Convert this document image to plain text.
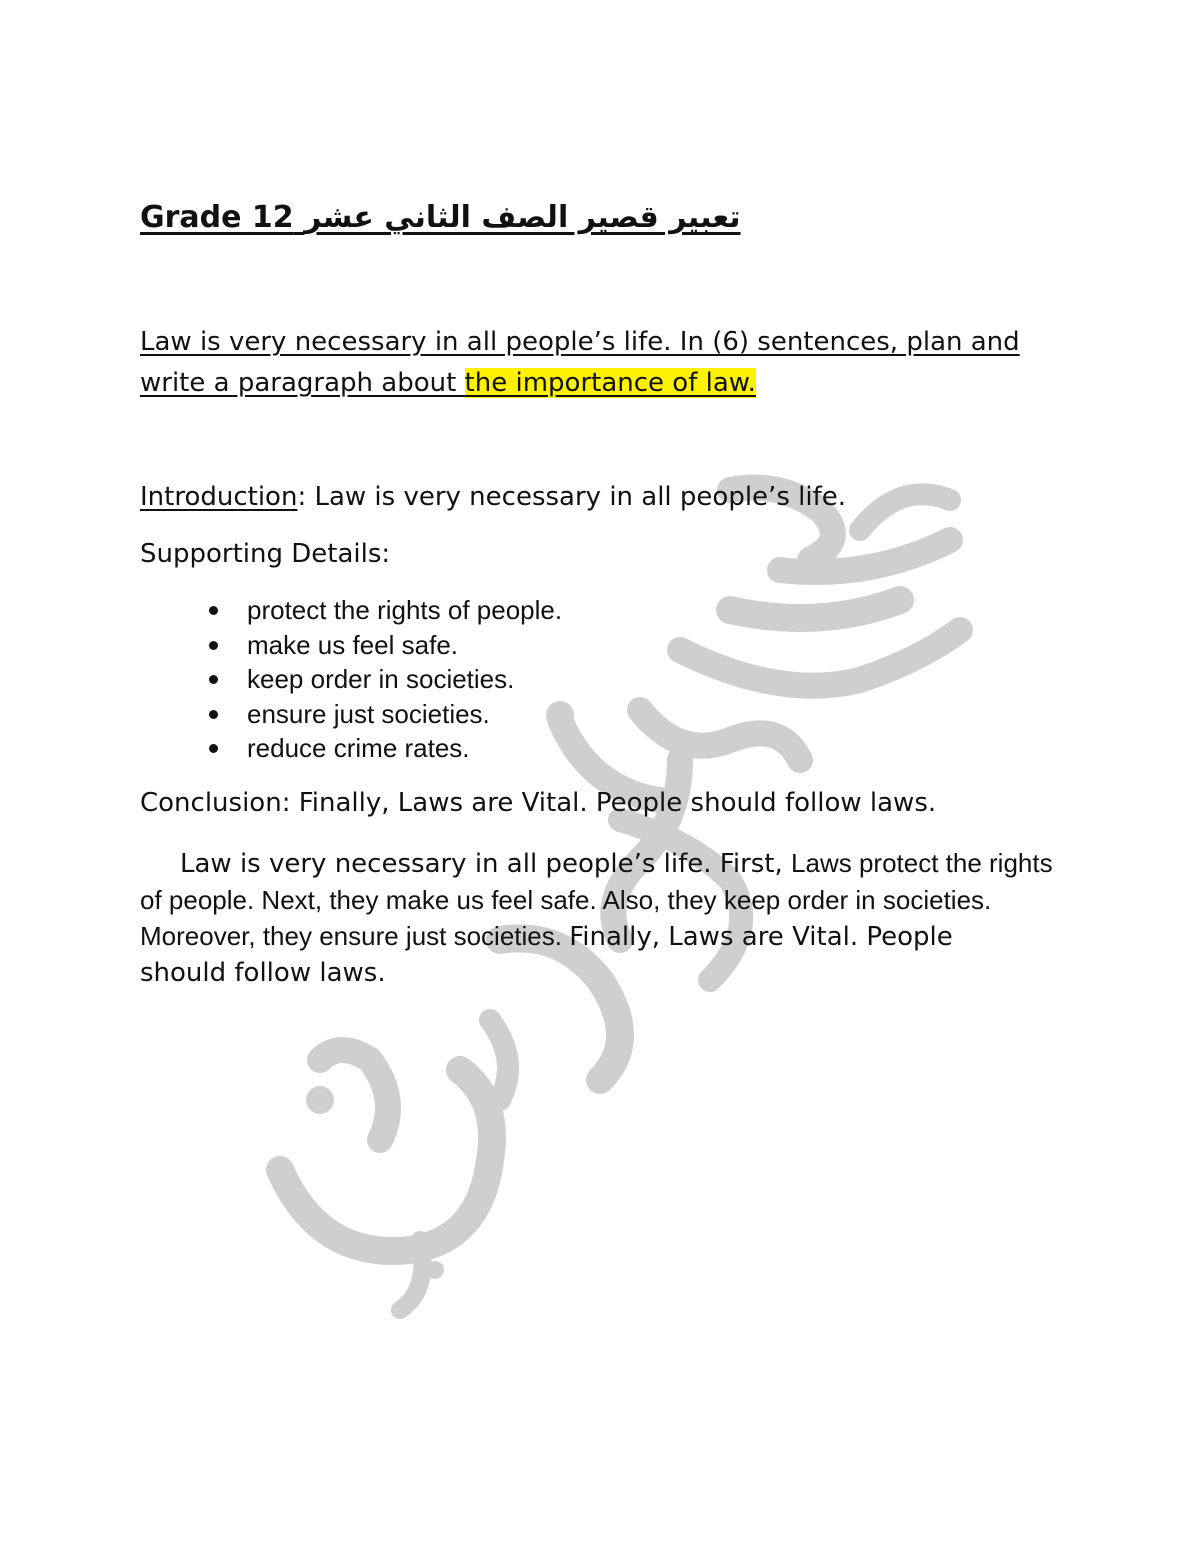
Grade 12 تعبير قصير الصف الثاني عشر
Law is very necessary in all people’s life. In (6) sentences, plan and
write a paragraph about the importance of law.
Introduction: Law is very necessary in all people’s life.
Supporting Details:
protect the rights of people.
make us feel safe.
keep order in societies.
ensure just societies.
reduce crime rates.
Conclusion: Finally, Laws are Vital. People should follow laws.
Law is very necessary in all people’s life. First, Laws protect the rights
of people. Next, they make us feel safe. Also, they keep order in societies.
Moreover, they ensure just societies. Finally, Laws are Vital. People
should follow laws.
